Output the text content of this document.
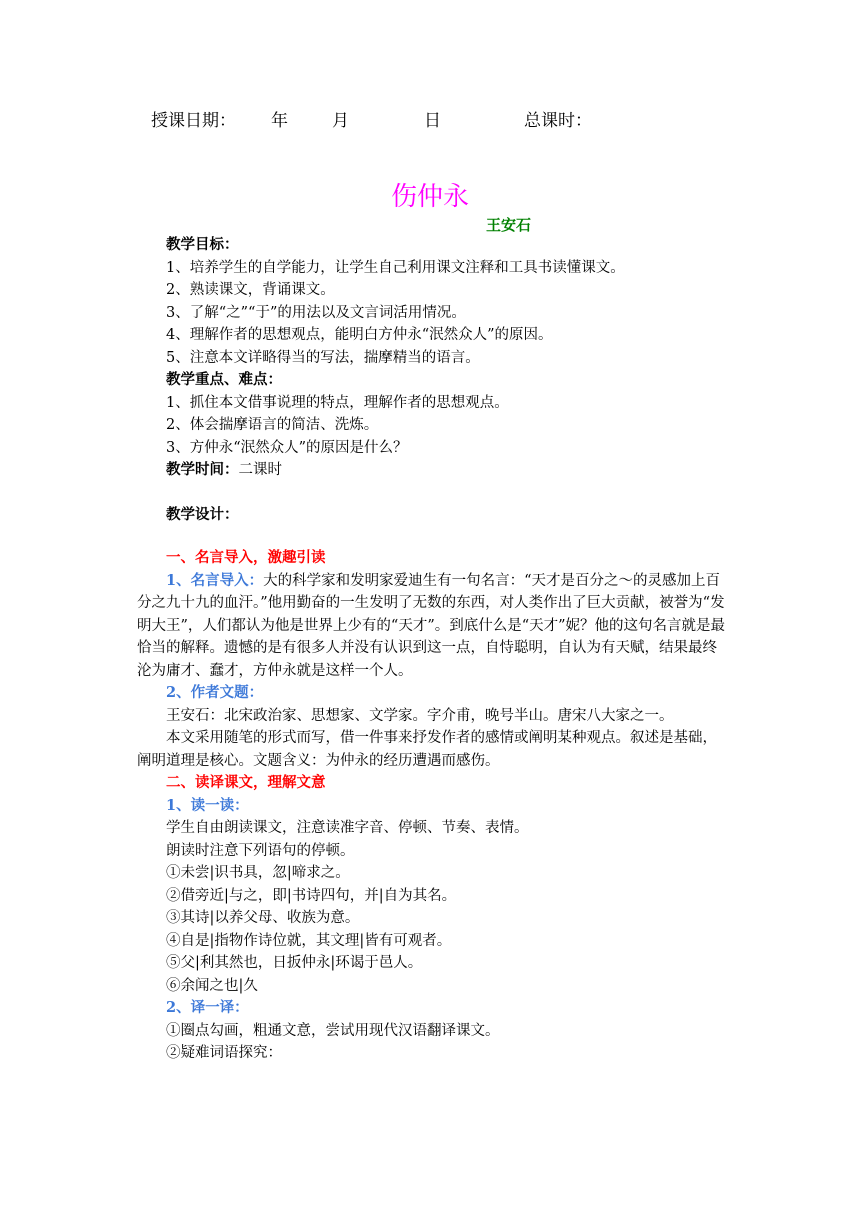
授课日期： 年	月	日	总课时：
伤仲永
王安石

教学目标：

1、培养学生的自学能力，让学生自己利用课文注释和工具书读懂课文。

2、熟读课文，背诵课文。

3、了解“之”“于”的用法以及文言词活用情况。

4、理解作者的思想观点，能明白方仲永“泯然众人”的原因。

5、注意本文详略得当的写法，揣摩精当的语言。

教学重点、难点：

1、抓住本文借事说理的特点，理解作者的思想观点。

2、体会揣摩语言的简洁、洗炼。

3、方仲永“泯然众人”的原因是什么？

教学时间：二课时

教学设计：

一、名言导入，激趣引读

1、名言导入：大的科学家和发明家爱迪生有一句名言：“天才是百分之～的灵感加上百分之九十九的血汗。”他用勤奋的一生发明了无数的东西，对人类作出了巨大贡献，被誉为“发明大王”，人们都认为他是世界上少有的“天才”。到底什么是“天才”妮？他的这句名言就是最恰当的解释。遗憾的是有很多人并没有认识到这一点，自恃聪明，自认为有天赋，结果最终沦为庸才、蠢才，方仲永就是这样一个人。

2、作者文题：

王安石：北宋政治家、思想家、文学家。字介甫，晚号半山。唐宋八大家之一。

本文采用随笔的形式而写，借一件事来抒发作者的感情或阐明某种观点。叙述是基础，阐明道理是核心。文题含义：为仲永的经历遭遇而感伤。

二、读译课文，理解文意

1、读一读：

学生自由朗读课文，注意读准字音、停顿、节奏、表情。

朗读时注意下列语句的停顿。

①未尝|识书具，忽|啼求之。

②借旁近|与之，即|书诗四句，并|自为其名。

③其诗|以养父母、收族为意。

④自是|指物作诗位就，其文理|皆有可观者。

⑤父|利其然也，日扳仲永|环谒于邑人。

⑥余闻之也|久

2、译一译：

①圈点勾画，粗通文意，尝试用现代汉语翻译课文。

②疑难词语探究：
